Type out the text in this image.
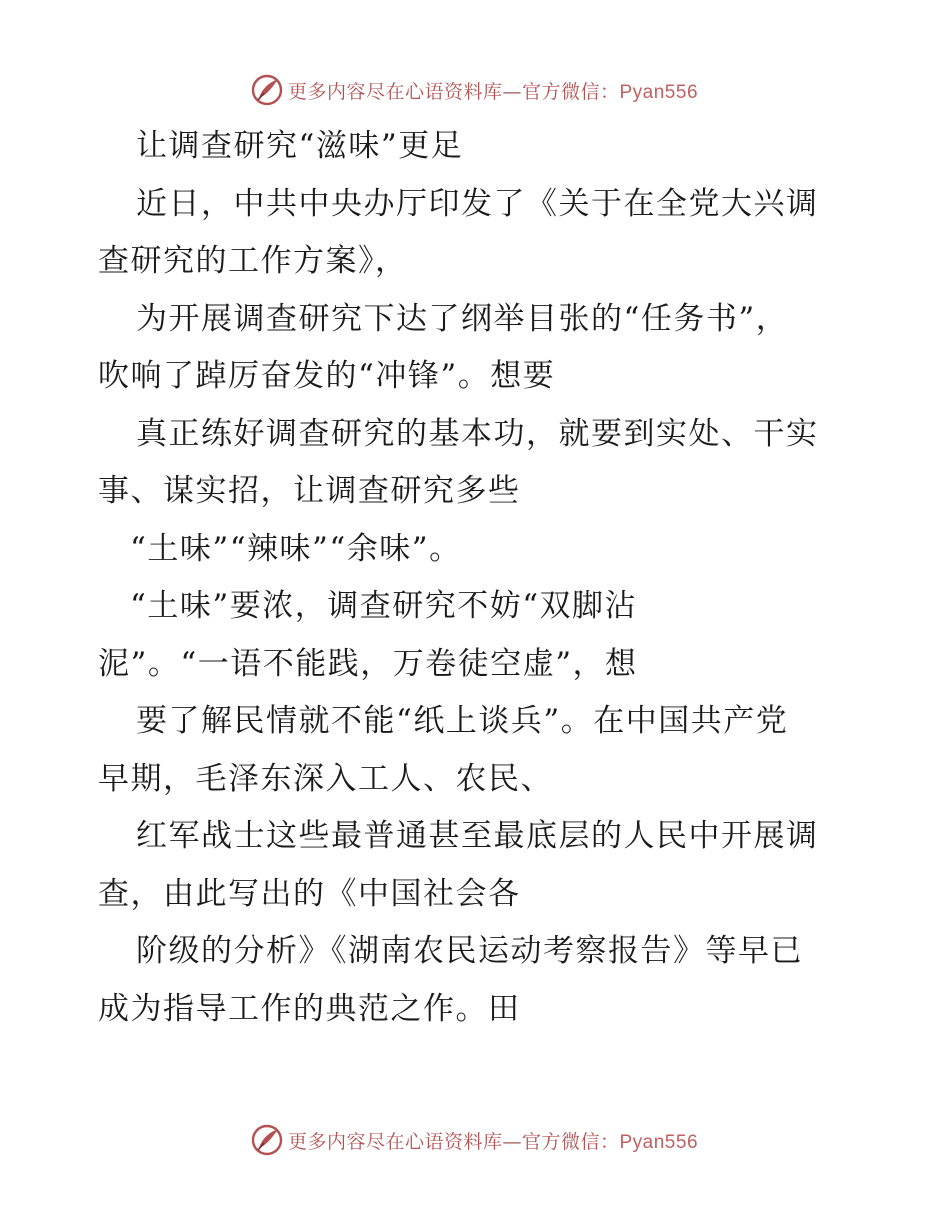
更多内容尽在心语资料库—官方微信：Pyan556
让调查研究“滋味”更足
近日，中共中央办厅印发了《关于在全党大兴调
查研究的工作方案》，
为开展调查研究下达了纲举目张的“任务书”，
吹响了踔厉奋发的“冲锋”。想要
真正练好调查研究的基本功，就要到实处、干实
事、谋实招，让调查研究多些
“土味”“辣味”“余味”。
“土味”要浓，调查研究不妨“双脚沾
泥”。“一语不能践，万卷徒空虚”，想
要了解民情就不能“纸上谈兵”。在中国共产党
早期，毛泽东深入工人、农民、
红军战士这些最普通甚至最底层的人民中开展调
查，由此写出的《中国社会各
阶级的分析》《湖南农民运动考察报告》等早已
成为指导工作的典范之作。田
更多内容尽在心语资料库—官方微信：Pyan556
